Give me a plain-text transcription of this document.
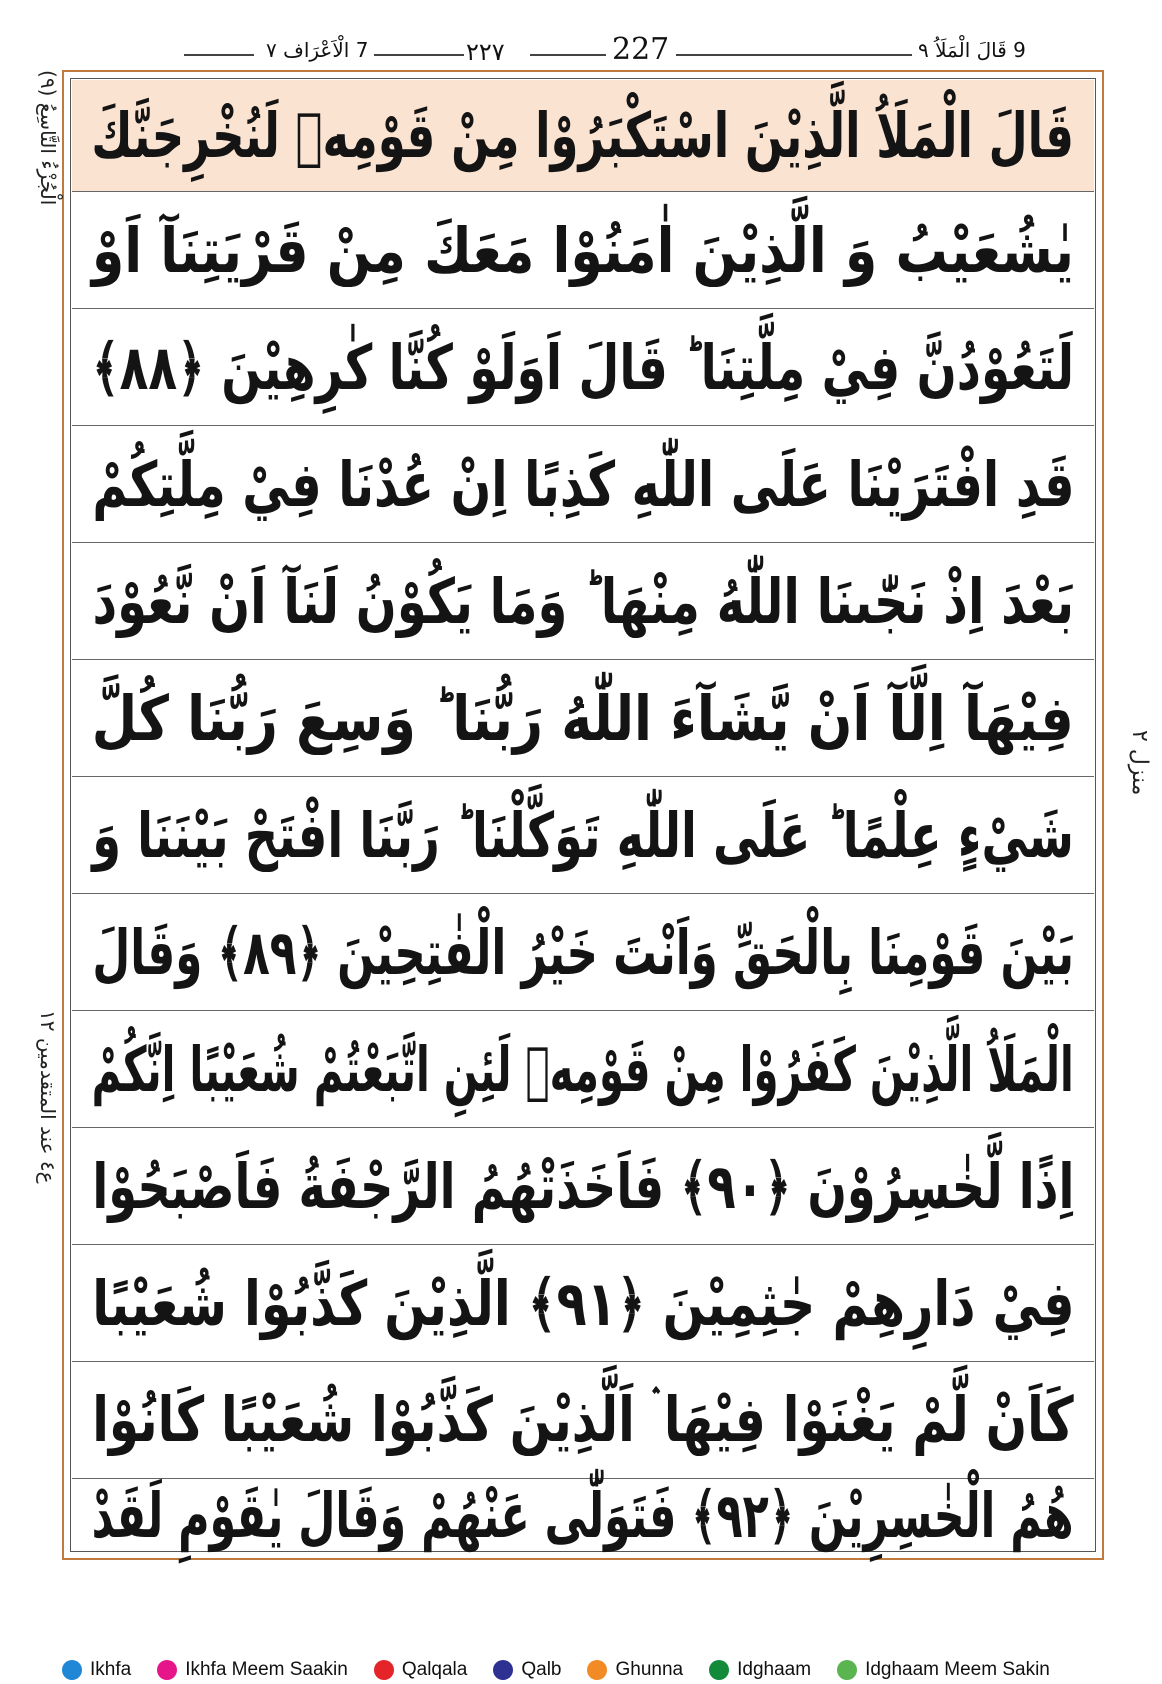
7 الْاَعْرَاف ٧	٢٢٧	227	9 قَالَ الْمَلَاُ ٩
الْجُزْءُ التَّاسِعُ (٩)
ع٤ عند المتقدمين ١٢
منزل ٢
قَالَ الْمَلَاُ الَّذِيْنَ اسْتَكْبَرُوْا مِنْ قَوْمِهٖ لَنُخْرِجَنَّكَ
يٰشُعَيْبُ وَ الَّذِيْنَ اٰمَنُوْا مَعَكَ مِنْ قَرْيَتِنَآ اَوْ
لَتَعُوْدُنَّ فِيْ مِلَّتِنَا ؕ قَالَ اَوَلَوْ كُنَّا كٰرِهِيْنَ ﴿٨٨﴾
قَدِ افْتَرَيْنَا عَلَى اللّٰهِ كَذِبًا اِنْ عُدْنَا فِيْ مِلَّتِكُمْ
بَعْدَ اِذْ نَجّٰىنَا اللّٰهُ مِنْهَا ؕ وَمَا يَكُوْنُ لَنَآ اَنْ نَّعُوْدَ
فِيْهَآ اِلَّآ اَنْ يَّشَآءَ اللّٰهُ رَبُّنَا ؕ وَسِعَ رَبُّنَا كُلَّ
شَيْءٍ عِلْمًا ؕ عَلَى اللّٰهِ تَوَكَّلْنَا ؕ رَبَّنَا افْتَحْ بَيْنَنَا وَ
بَيْنَ قَوْمِنَا بِالْحَقِّ وَاَنْتَ خَيْرُ الْفٰتِحِيْنَ ﴿٨٩﴾ وَقَالَ
الْمَلَاُ الَّذِيْنَ كَفَرُوْا مِنْ قَوْمِهٖ لَئِنِ اتَّبَعْتُمْ شُعَيْبًا اِنَّكُمْ
اِذًا لَّخٰسِرُوْنَ ﴿٩٠﴾ فَاَخَذَتْهُمُ الرَّجْفَةُ فَاَصْبَحُوْا
فِيْ دَارِهِمْ جٰثِمِيْنَ ﴿٩١﴾ الَّذِيْنَ كَذَّبُوْا شُعَيْبًا
كَاَنْ لَّمْ يَغْنَوْا فِيْهَا ۛ اَلَّذِيْنَ كَذَّبُوْا شُعَيْبًا كَانُوْا
هُمُ الْخٰسِرِيْنَ ﴿٩٢﴾ فَتَوَلّٰى عَنْهُمْ وَقَالَ يٰقَوْمِ لَقَدْ
Ikhfa	Ikhfa Meem Saakin	Qalqala	Qalb	Ghunna	Idghaam	Idghaam Meem Sakin
